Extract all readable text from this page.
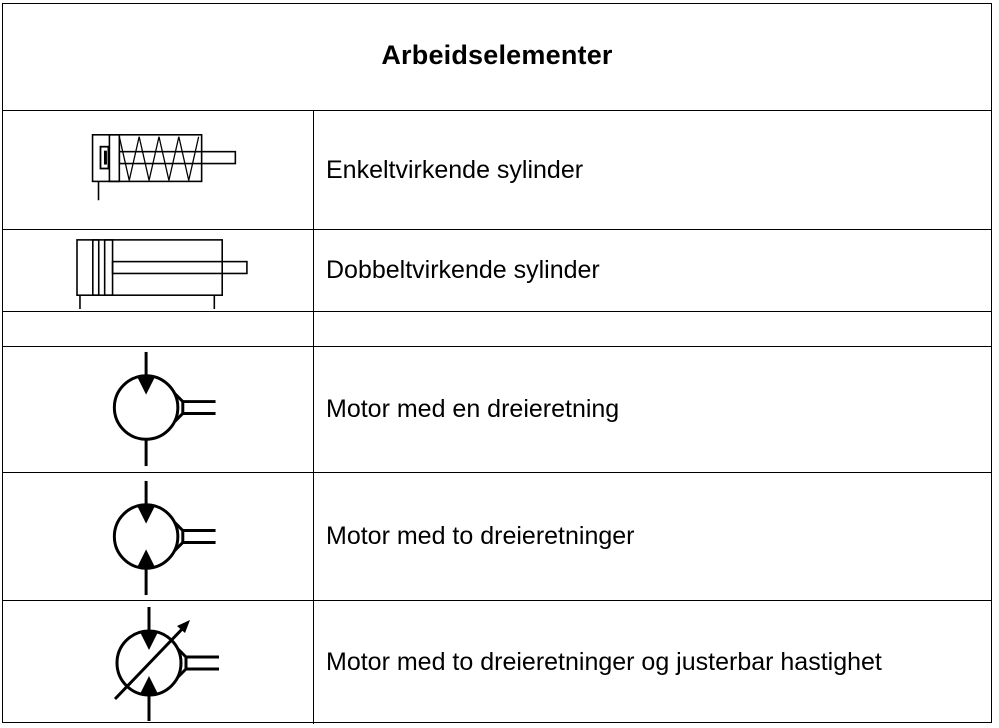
Arbeidselementer
Enkeltvirkende sylinder
Dobbeltvirkende sylinder
Motor med en dreieretning
Motor med to dreieretninger
Motor med to dreieretninger og justerbar hastighet
